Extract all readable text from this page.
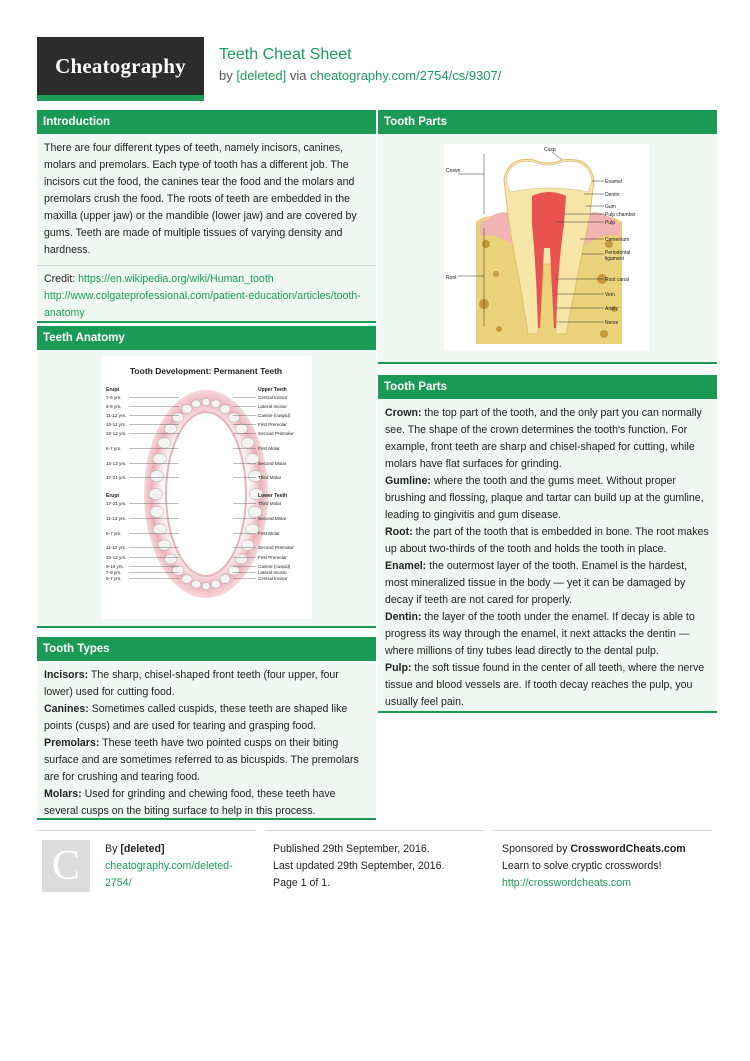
Cheatography	Teeth Cheat Sheet
by [deleted] via cheatography.com/2754/cs/9307/
Introduction
There are four different types of teeth, namely incisors, canines, molars and premolars. Each type of tooth has a different job. The incisors cut the food, the canines tear the food and the molars and premolars crush the food. The roots of teeth are embedded in the maxilla (upper jaw) or the mandible (lower jaw) and are covered by gums. Teeth are made of multiple tissues of varying density and hardness.
Credit: https://en.wikipedia.org/wiki/Human_tooth
http://www.colgateprofessional.com/patient-education/articles/tooth-anatomy
Teeth Anatomy
Tooth Development: Permanent Teeth
Erupt	Upper Teeth
Erupt	Lower Teeth
7-8 yrs.
8-9 yrs.
11-12 yrs.
10-11 yrs.
10-12 yrs.
6-7 yrs.
12-13 yrs.
17-21 yrs.
Central Incisor
Lateral Incisor
Canine (cuspid)
First Premolar
Second Premolar
First Molar
Second Molar
Third Molar
17-21 yrs.
11-13 yrs.
6-7 yrs.
11-12 yrs.
10-12 yrs.
9-10 yrs.
7-8 yrs.
6-7 yrs.
Third Molar
Second Molar
First Molar
Second Premolar
First Premolar
Canine (cuspid)
Lateral Incisor
Central Incisor
Tooth Types
Incisors: The sharp, chisel-shaped front teeth (four upper, four lower) used for cutting food.
Canines: Sometimes called cuspids, these teeth are shaped like points (cusps) and are used for tearing and grasping food.
Premolars: These teeth have two pointed cusps on their biting surface and are sometimes referred to as bicuspids. The premolars are for crushing and tearing food.
Molars: Used for grinding and chewing food, these teeth have several cusps on the biting surface to help in this process.
Tooth Parts
Cusp
Crown
Root
Enamel
Dentin
Gum
Pulp chamber
Pulp
Cementum
Periodontal
ligament
Root canal
Vein
Artery
Nerve
Tooth Parts
Crown: the top part of the tooth, and the only part you can normally see. The shape of the crown determines the tooth's function. For example, front teeth are sharp and chisel-shaped for cutting, while molars have flat surfaces for grinding.
Gumline: where the tooth and the gums meet. Without proper brushing and flossing, plaque and tartar can build up at the gumline, leading to gingivitis and gum disease.
Root: the part of the tooth that is embedded in bone. The root makes up about two-thirds of the tooth and holds the tooth in place.
Enamel: the outermost layer of the tooth. Enamel is the hardest, most mineralized tissue in the body — yet it can be damaged by decay if teeth are not cared for properly.
Dentin: the layer of the tooth under the enamel. If decay is able to progress its way through the enamel, it next attacks the dentin — where millions of tiny tubes lead directly to the dental pulp.
Pulp: the soft tissue found in the center of all teeth, where the nerve tissue and blood vessels are. If tooth decay reaches the pulp, you usually feel pain.
C	By [deleted]
cheatography.com/deleted-2754/
Published 29th September, 2016.
Last updated 29th September, 2016.
Page 1 of 1.
Sponsored by CrosswordCheats.com
Learn to solve cryptic crosswords!
http://crosswordcheats.com
